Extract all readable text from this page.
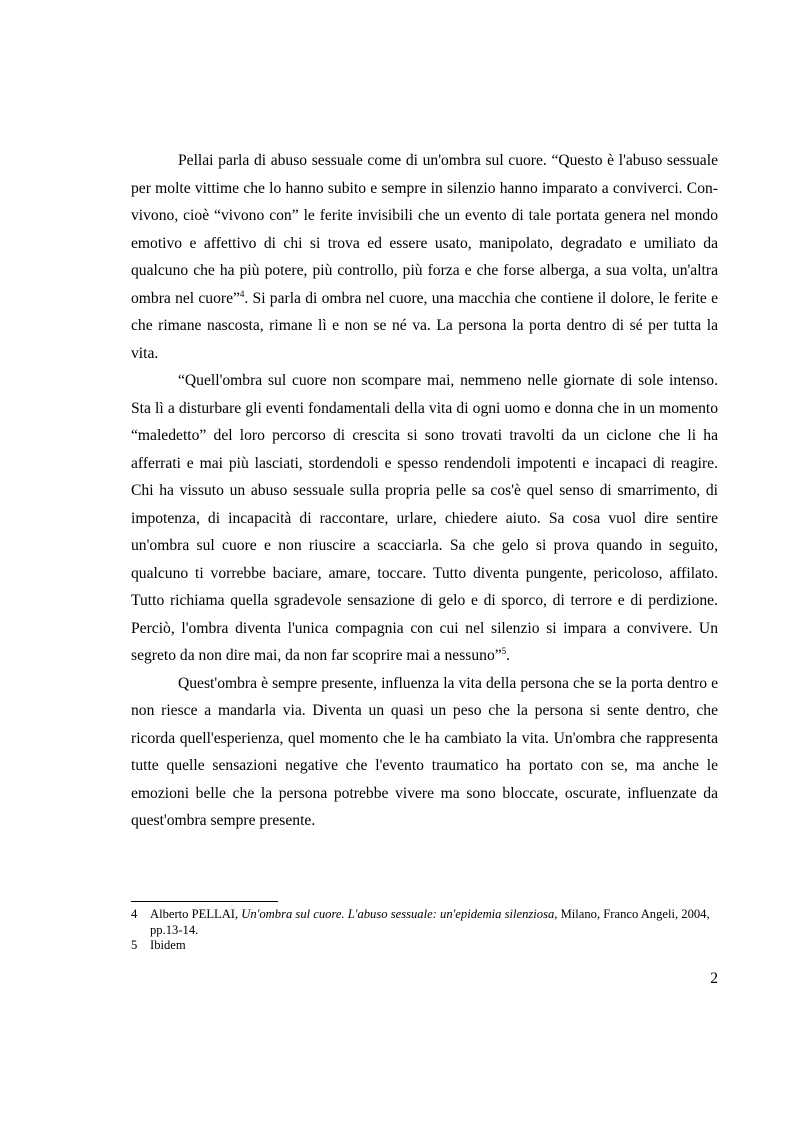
Pellai parla di abuso sessuale come di un'ombra sul cuore. “Questo è l'abuso sessuale per molte vittime che lo hanno subito e sempre in silenzio hanno imparato a conviverci. Con-vivono, cioè “vivono con” le ferite invisibili che un evento di tale portata genera nel mondo emotivo e affettivo di chi si trova ed essere usato, manipolato, degradato e umiliato da qualcuno che ha più potere, più controllo, più forza e che forse alberga, a sua volta, un'altra ombra nel cuore”$^4$. Si parla di ombra nel cuore, una macchia che contiene il dolore, le ferite e che rimane nascosta, rimane lì e non se né va. La persona la porta dentro di sé per tutta la vita.

“Quell'ombra sul cuore non scompare mai, nemmeno nelle giornate di sole intenso. Sta lì a disturbare gli eventi fondamentali della vita di ogni uomo e donna che in un momento “maledetto” del loro percorso di crescita si sono trovati travolti da un ciclone che li ha afferrati e mai più lasciati, stordendoli e spesso rendendoli impotenti e incapaci di reagire. Chi ha vissuto un abuso sessuale sulla propria pelle sa cos'è quel senso di smarrimento, di impotenza, di incapacità di raccontare, urlare, chiedere aiuto. Sa cosa vuol dire sentire un'ombra sul cuore e non riuscire a scacciarla. Sa che gelo si prova quando in seguito, qualcuno ti vorrebbe baciare, amare, toccare. Tutto diventa pungente, pericoloso, affilato. Tutto richiama quella sgradevole sensazione di gelo e di sporco, di terrore e di perdizione. Perciò, l'ombra diventa l'unica compagnia con cui nel silenzio si impara a convivere. Un segreto da non dire mai, da non far scoprire mai a nessuno”$^5$.

Quest'ombra è sempre presente, influenza la vita della persona che se la porta dentro e non riesce a mandarla via. Diventa un quasi un peso che la persona si sente dentro, che ricorda quell'esperienza, quel momento che le ha cambiato la vita. Un'ombra che rappresenta tutte quelle sensazioni negative che l'evento traumatico ha portato con se, ma anche le emozioni belle che la persona potrebbe vivere ma sono bloccate, oscurate, influenzate da quest'ombra sempre presente.

4 Alberto PELLAI, Un'ombra sul cuore. L'abuso sessuale: un'epidemia silenziosa, Milano, Franco Angeli, 2004, pp.13-14.
5 Ibidem
2
